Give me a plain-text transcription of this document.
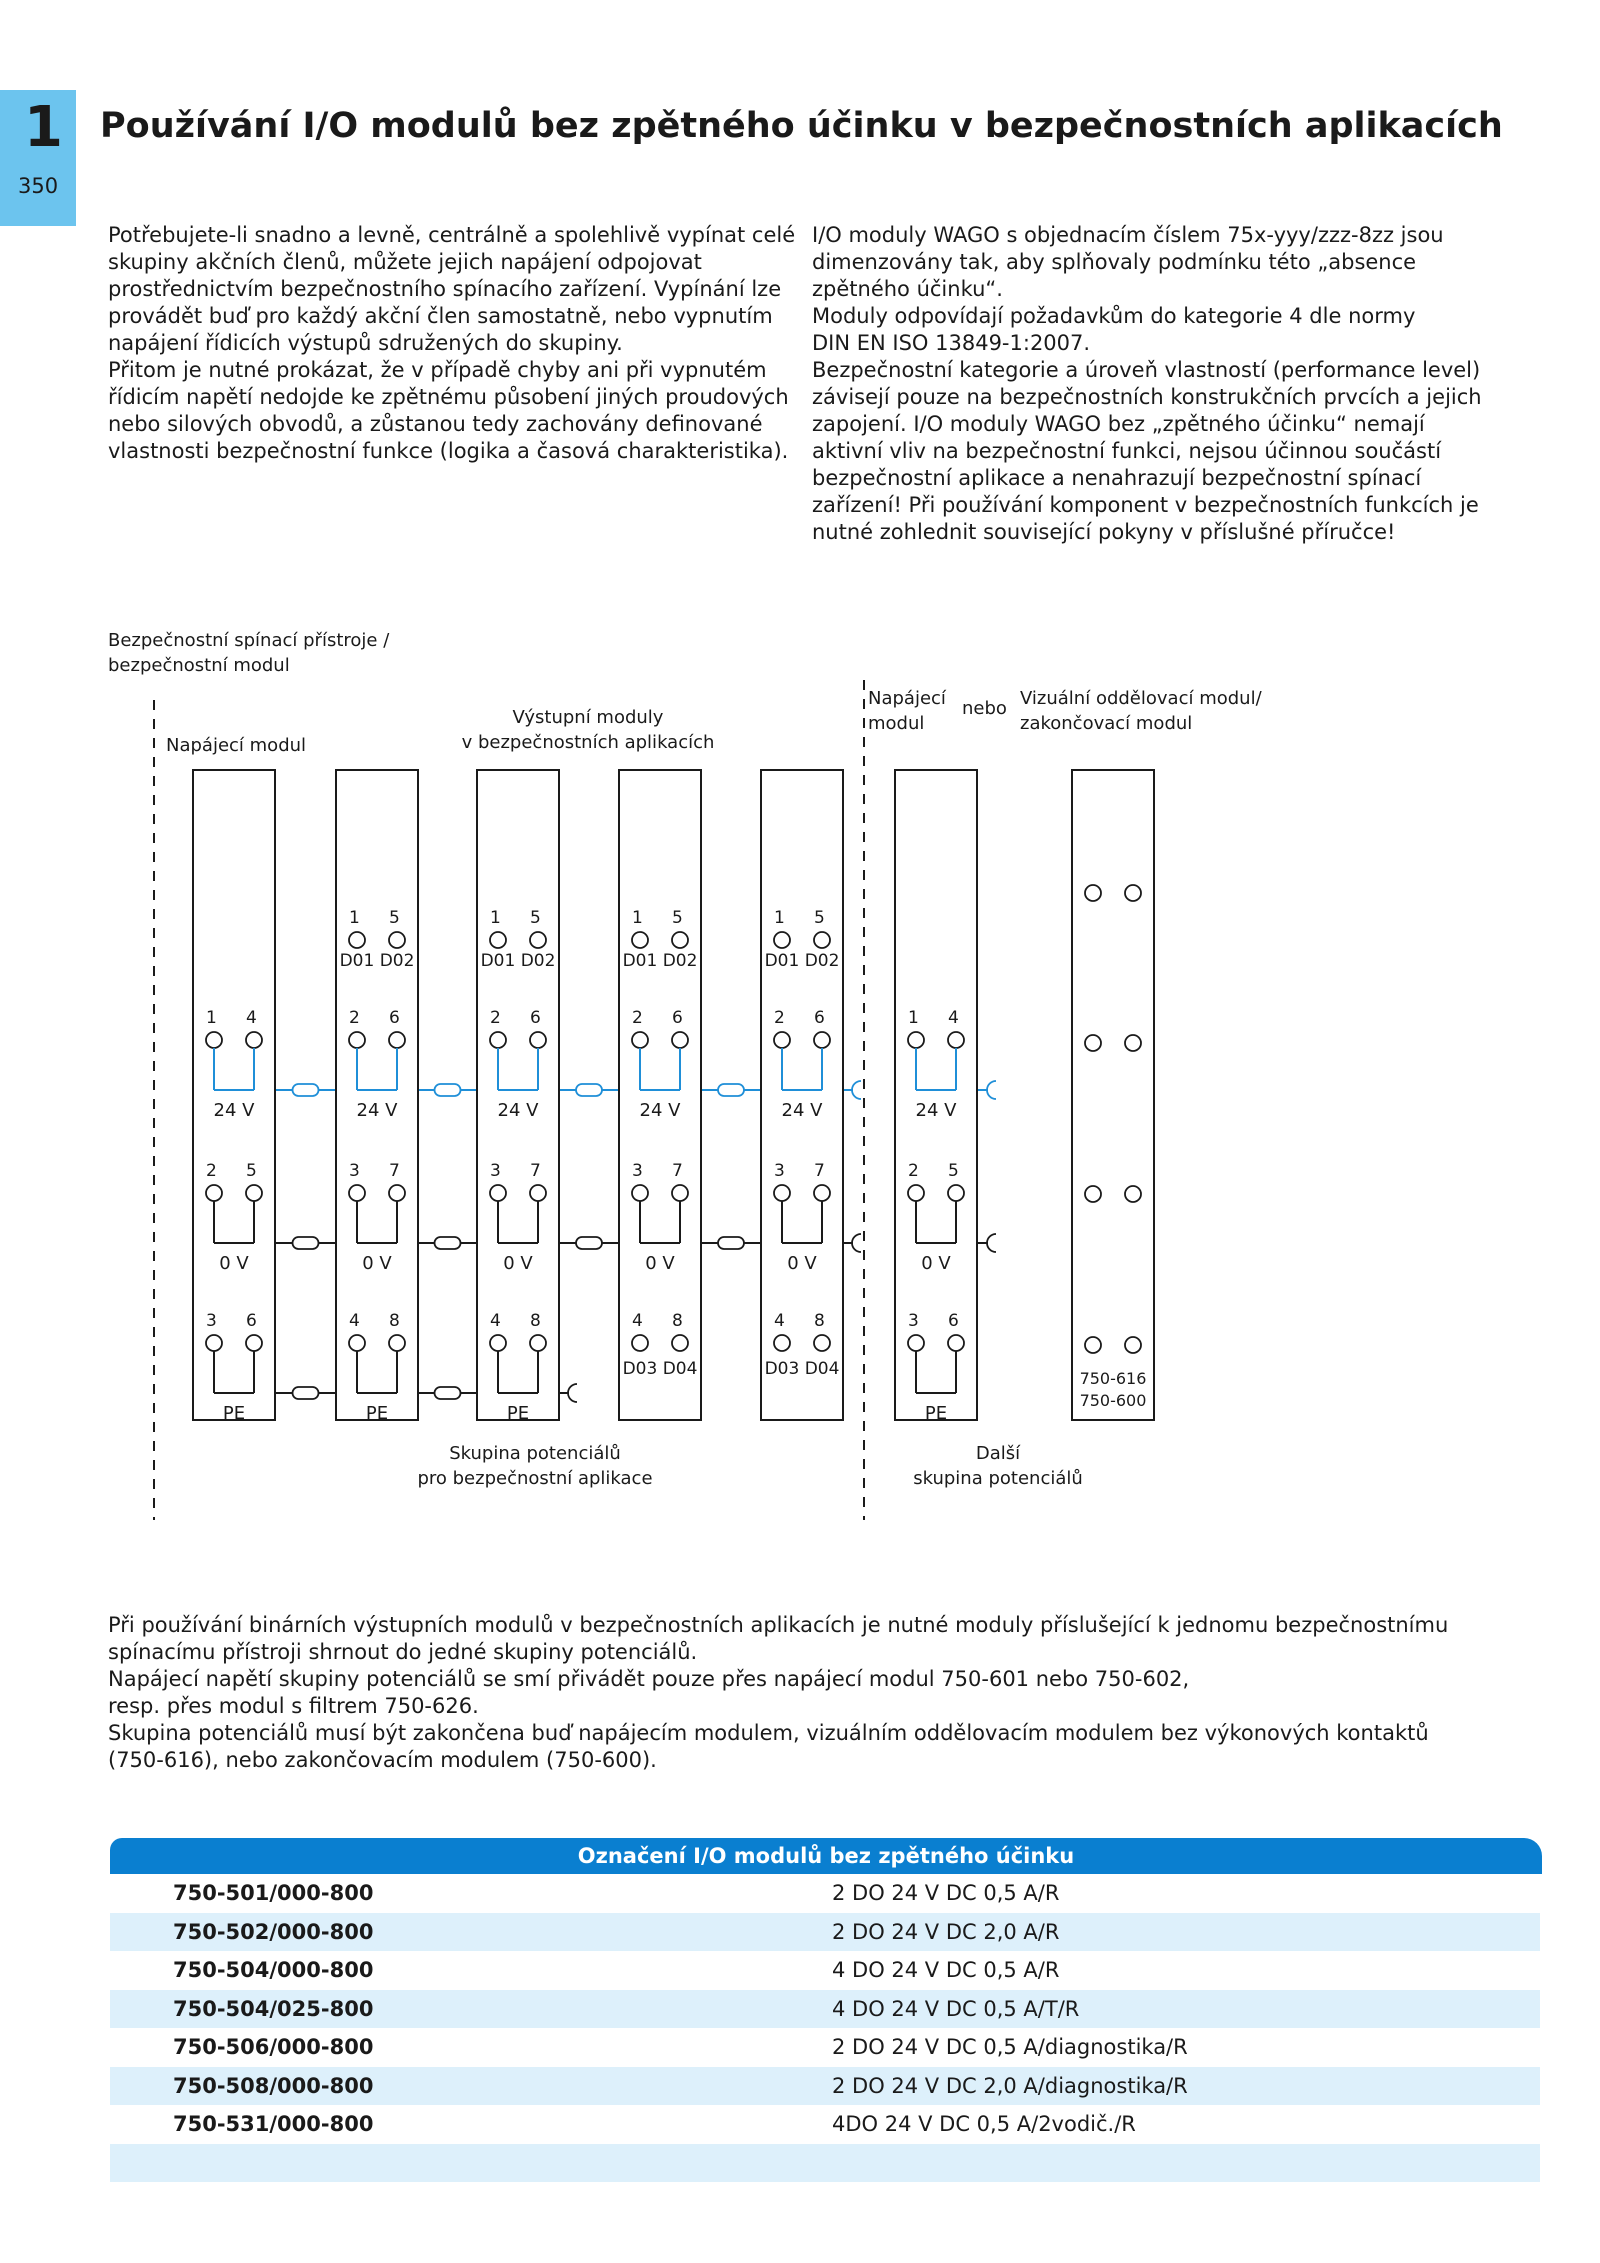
1
350
Používání I/O modulů bez zpětného účinku v bezpečnostních aplikacích

Potřebujete-li snadno a levně, centrálně a spolehlivě vypínat celé

skupiny akčních členů, můžete jejich napájení odpojovat

prostřednictvím bezpečnostního spínacího zařízení. Vypínání lze

provádět buď pro každý akční člen samostatně, nebo vypnutím

napájení řídicích výstupů sdružených do skupiny.

Přitom je nutné prokázat, že v případě chyby ani při vypnutém

řídicím napětí nedojde ke zpětnému působení jiných proudových

nebo silových obvodů, a zůstanou tedy zachovány definované

vlastnosti bezpečnostní funkce (logika a časová charakteristika).

I/O moduly WAGO s objednacím číslem 75x-yyy/zzz-8zz jsou

dimenzovány tak, aby splňovaly podmínku této „absence

zpětného účinku“.

Moduly odpovídají požadavkům do kategorie 4 dle normy

DIN EN ISO 13849-1:2007.

Bezpečnostní kategorie a úroveň vlastností (performance level)

závisejí pouze na bezpečnostních konstrukčních prvcích a jejich

zapojení. I/O moduly WAGO bez „zpětného účinku“ nemají

aktivní vliv na bezpečnostní funkci, nejsou účinnou součástí

bezpečnostní aplikace a nenahrazují bezpečnostní spínací

zařízení! Při používání komponent v bezpečnostních funkcích je

nutné zohlednit související pokyny v příslušné příručce!

Bezpečnostní spínací přístroje /
bezpečnostní modul
Napájecí modul
Výstupní moduly
v bezpečnostních aplikacích
Napájecí
modul
nebo Vizuální oddělovací modul/
zakončovací modul
Skupina potenciálů
pro bezpečnostní aplikace
Další
skupina potenciálů
1 4
24 V
2 5
0 V
3 6
PE
1 5
D01 D02
2 6
24 V
3 7
0 V
4 8
PE
1 5
D01 D02
2 6
24 V
3 7
0 V
4 8
PE
1 5
D01 D02
2 6
24 V
3 7
0 V
4 8
D03 D04
1 5
D01 D02
2 6
24 V
3 7
0 V
4 8
D03 D04
1 4
24 V
2 5
0 V
3 6
PE
750-616
750-600

Při používání binárních výstupních modulů v bezpečnostních aplikacích je nutné moduly příslušející k jednomu bezpečnostnímu

spínacímu přístroji shrnout do jedné skupiny potenciálů.

Napájecí napětí skupiny potenciálů se smí přivádět pouze přes napájecí modul 750-601 nebo 750-602,

resp. přes modul s filtrem 750-626.

Skupina potenciálů musí být zakončena buď napájecím modulem, vizuálním oddělovacím modulem bez výkonových kontaktů

(750-616), nebo zakončovacím modulem (750-600).

Označení I/O modulů bez zpětného účinku
750-501/000-800	2 DO 24 V DC 0,5 A/R
750-502/000-800	2 DO 24 V DC 2,0 A/R
750-504/000-800	4 DO 24 V DC 0,5 A/R
750-504/025-800	4 DO 24 V DC 0,5 A/T/R
750-506/000-800	2 DO 24 V DC 0,5 A/diagnostika/R
750-508/000-800	2 DO 24 V DC 2,0 A/diagnostika/R
750-531/000-800	4DO 24 V DC 0,5 A/2vodič./R
